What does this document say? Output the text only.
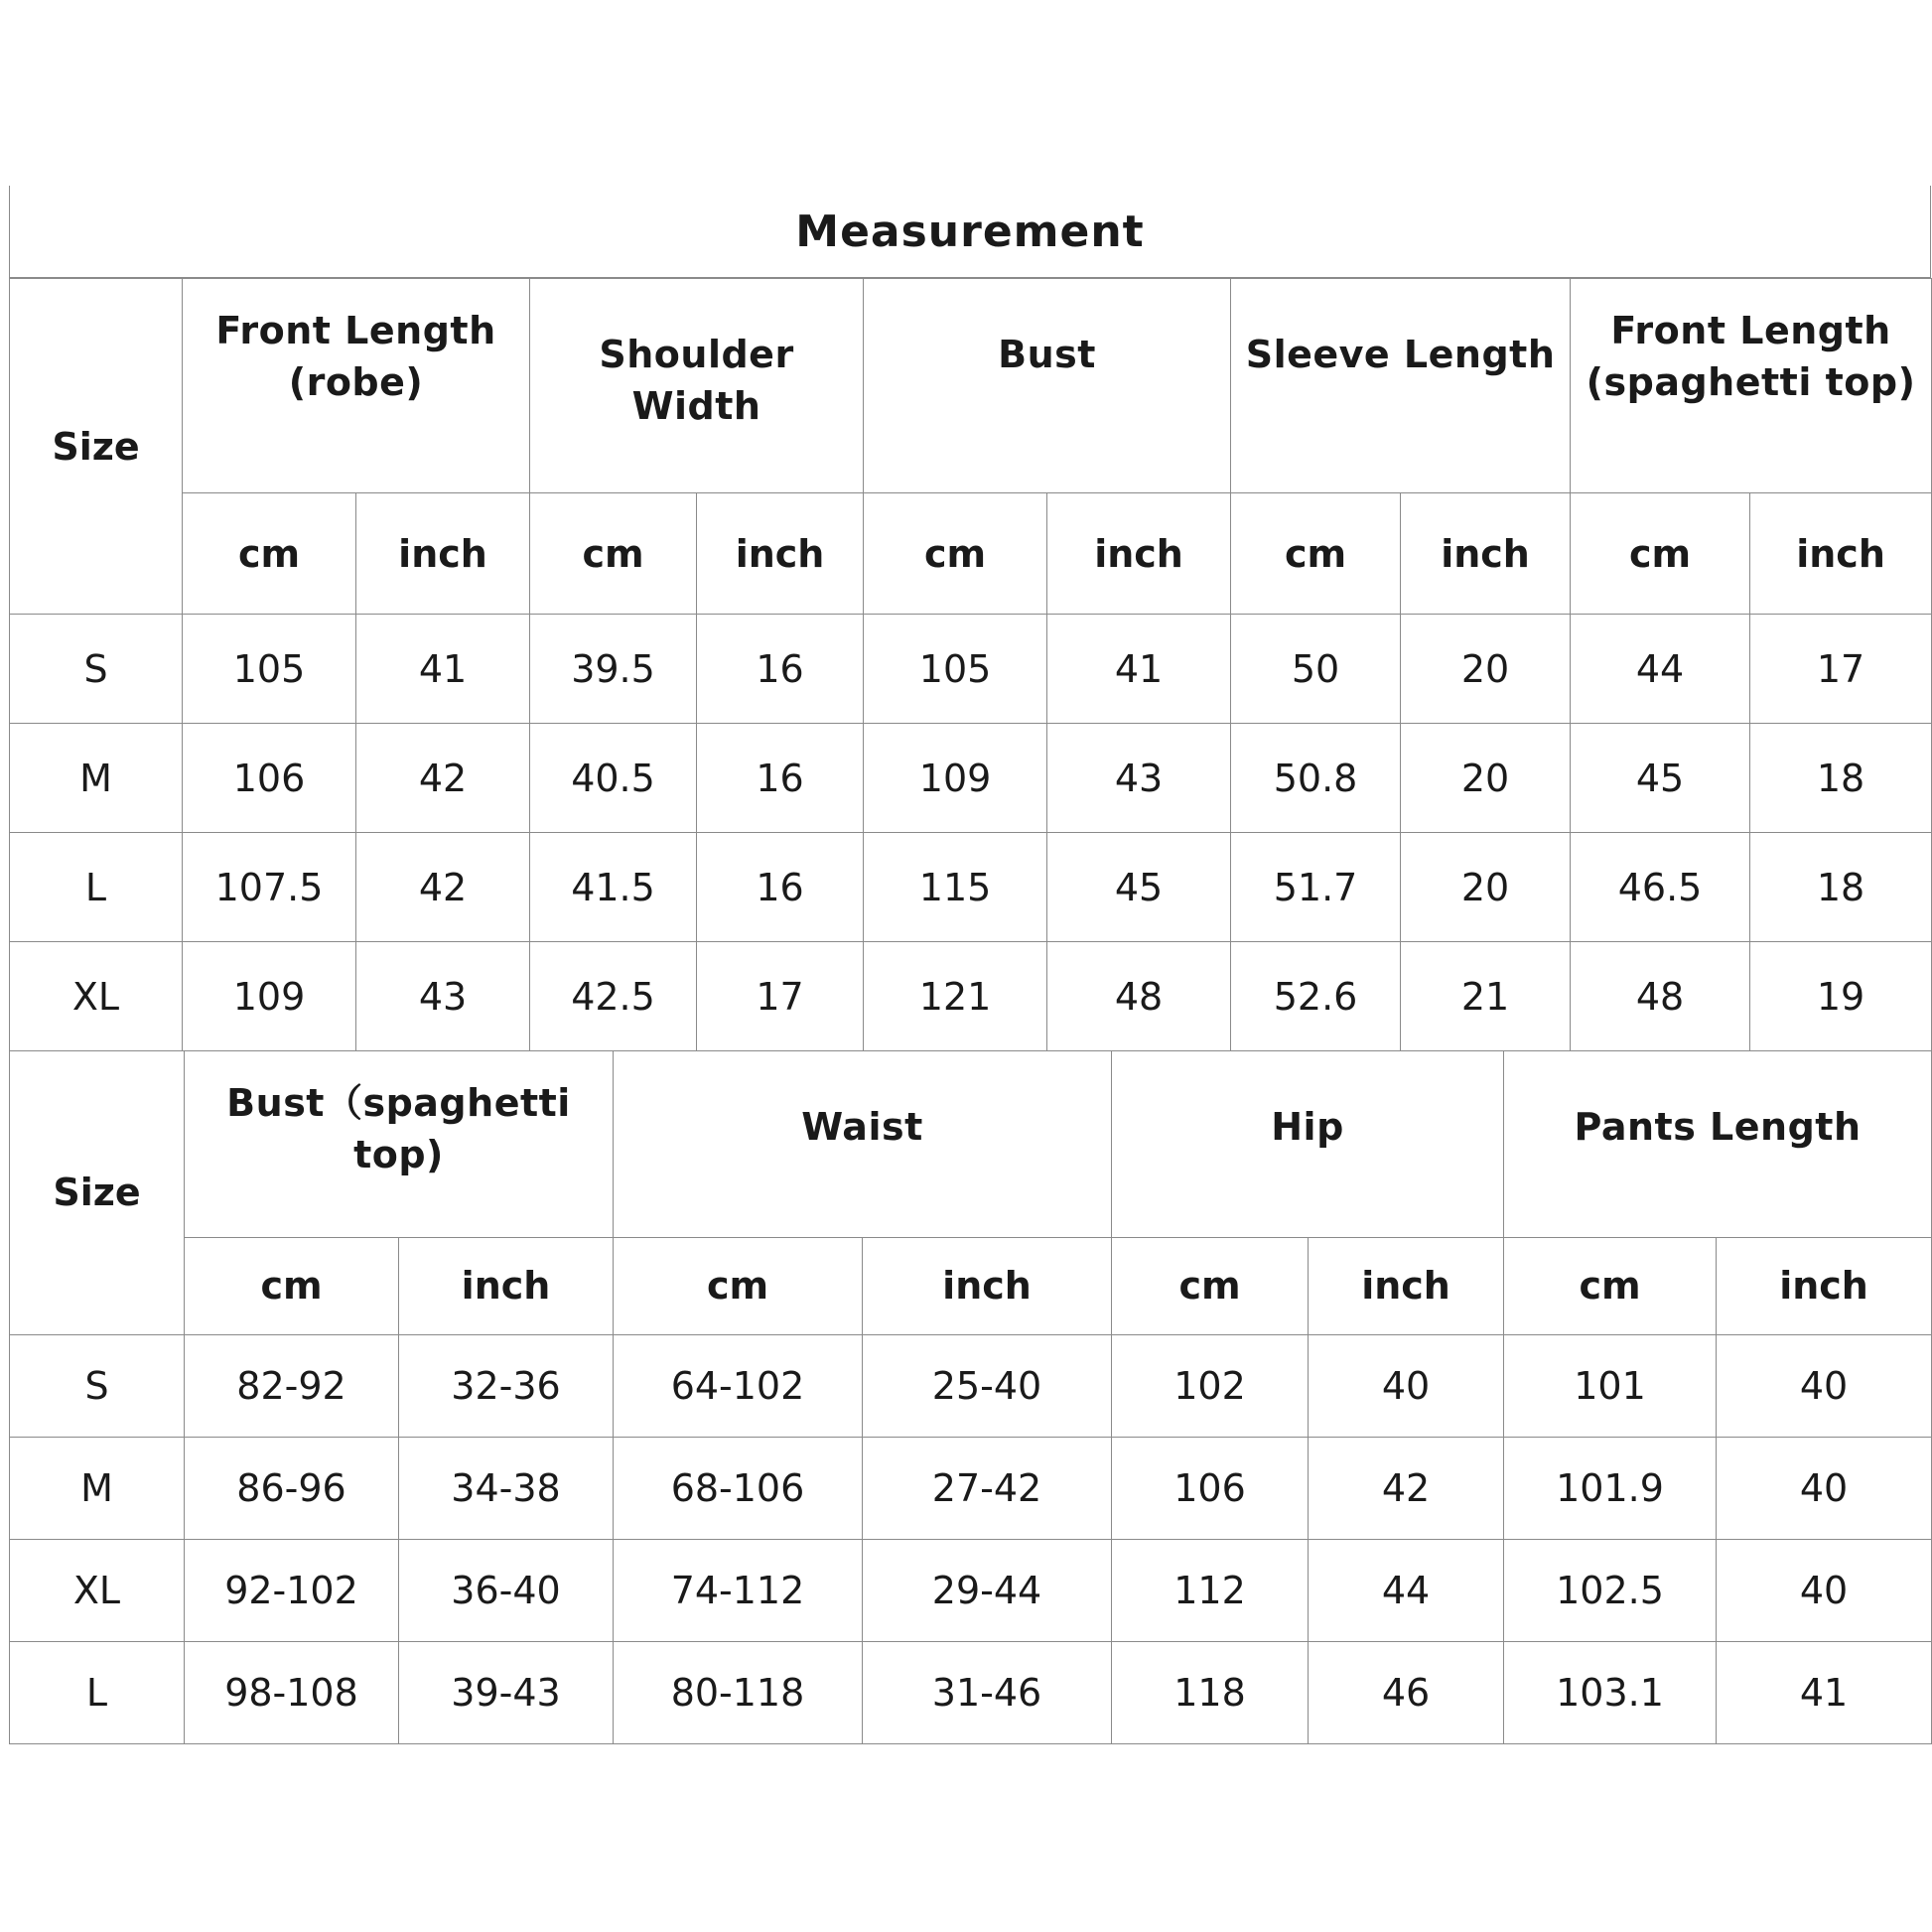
Measurement
Size	Front Length (robe)		Shoulder Width		Bust		Sleeve Length		Front Length (spaghetti top)	
	cm	inch	cm	inch	cm	inch	cm	inch	cm	inch
S	105	41	39.5	16	105	41	50	20	44	17
M	106	42	40.5	16	109	43	50.8	20	45	18
L	107.5	42	41.5	16	115	45	51.7	20	46.5	18
XL	109	43	42.5	17	121	48	52.6	21	48	19
Size	Bust（spaghetti top)		Waist		Hip		Pants Length	
	cm	inch	cm	inch	cm	inch	cm	inch
S	82-92	32-36	64-102	25-40	102	40	101	40
M	86-96	34-38	68-106	27-42	106	42	101.9	40
XL	92-102	36-40	74-112	29-44	112	44	102.5	40
L	98-108	39-43	80-118	31-46	118	46	103.1	41
